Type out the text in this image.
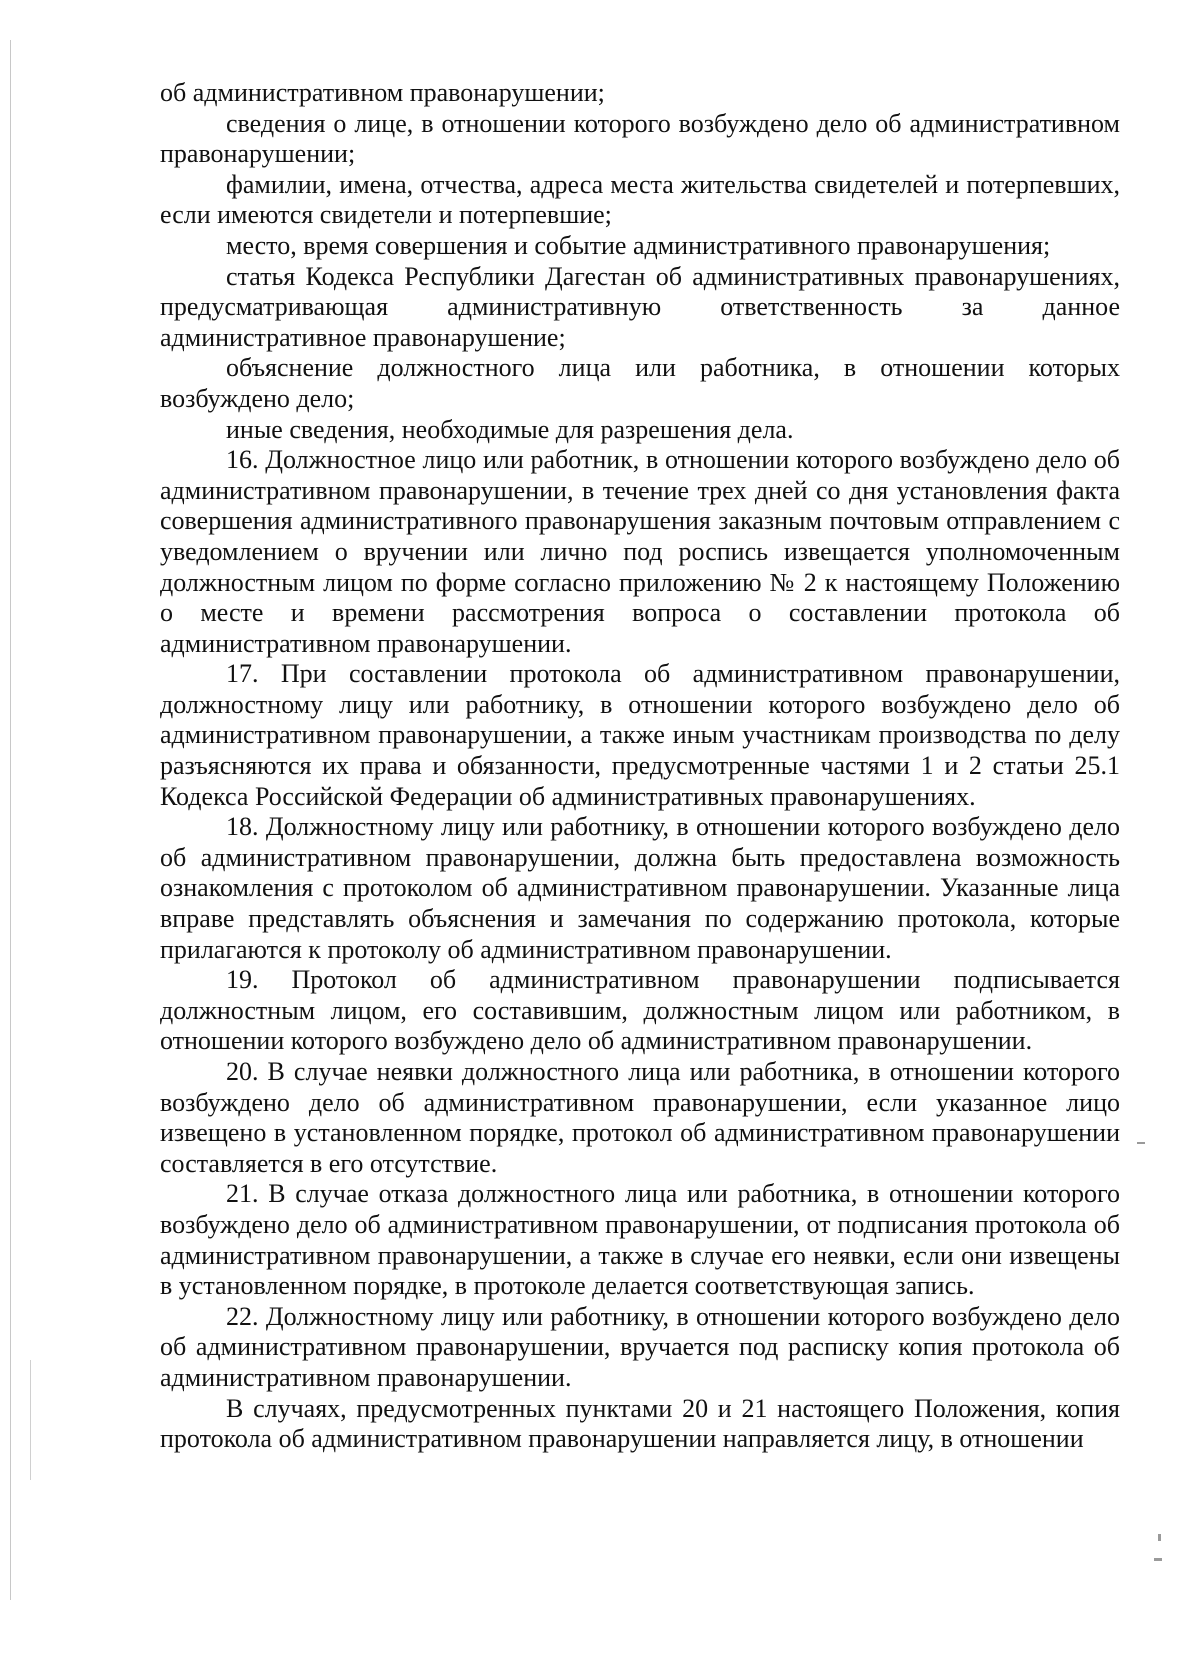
об административном правонарушении;

сведения о лице, в отношении которого возбуждено дело об административном правонарушении;

фамилии, имена, отчества, адреса места жительства свидетелей и потерпевших, если имеются свидетели и потерпевшие;

место, время совершения и событие административного правонарушения;

статья Кодекса Республики Дагестан об административных правонарушениях, предусматривающая административную ответственность за данное административное правонарушение;

объяснение должностного лица или работника, в отношении которых возбуждено дело;

иные сведения, необходимые для разрешения дела.

16. Должностное лицо или работник, в отношении которого возбуждено дело об административном правонарушении, в течение трех дней со дня установления факта совершения административного правонарушения заказным почтовым отправлением с уведомлением о вручении или лично под роспись извещается уполномоченным должностным лицом по форме согласно приложению № 2 к настоящему Положению о месте и времени рассмотрения вопроса о составлении протокола об административном правонарушении.

17. При составлении протокола об административном правонарушении, должностному лицу или работнику, в отношении которого возбуждено дело об административном правонарушении, а также иным участникам производства по делу разъясняются их права и обязанности, предусмотренные частями 1 и 2 статьи 25.1 Кодекса Российской Федерации об административных правонарушениях.

18. Должностному лицу или работнику, в отношении которого возбуждено дело об административном правонарушении, должна быть предоставлена возможность ознакомления с протоколом об административном правонарушении. Указанные лица вправе представлять объяснения и замечания по содержанию протокола, которые прилагаются к протоколу об административном правонарушении.

19. Протокол об административном правонарушении подписывается должностным лицом, его составившим, должностным лицом или работником, в отношении которого возбуждено дело об административном правонарушении.

20. В случае неявки должностного лица или работника, в отношении которого возбуждено дело об административном правонарушении, если указанное лицо извещено в установленном порядке, протокол об административном правонарушении составляется в его отсутствие.

21. В случае отказа должностного лица или работника, в отношении которого возбуждено дело об административном правонарушении, от подписания протокола об административном правонарушении, а также в случае его неявки, если они извещены в установленном порядке, в протоколе делается соответствующая запись.

22. Должностному лицу или работнику, в отношении которого возбуждено дело об административном правонарушении, вручается под расписку копия протокола об административном правонарушении.

В случаях, предусмотренных пунктами 20 и 21 настоящего Положения, копия протокола об административном правонарушении направляется лицу, в отношении
